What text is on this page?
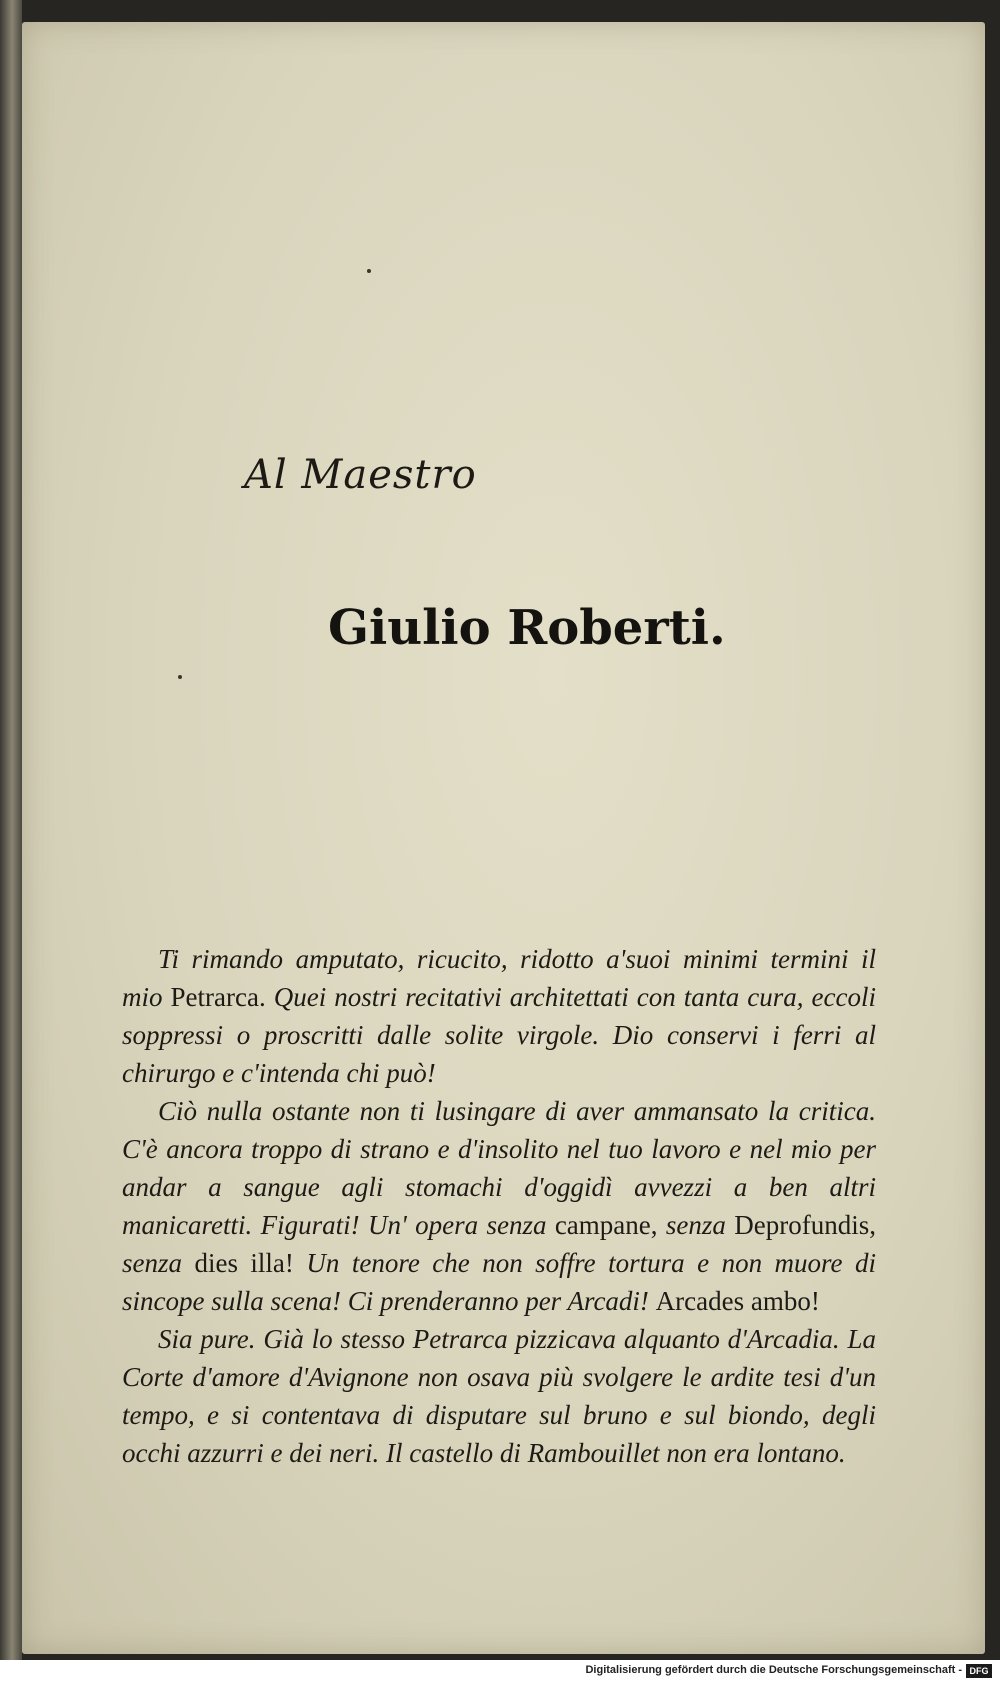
Al Maestro
Giulio Roberti.

Ti rimando amputato, ricucito, ridotto a'suoi minimi termini il mio Petrarca. Quei nostri recitativi architettati con tanta cura, eccoli soppressi o proscritti dalle solite virgole. Dio conservi i ferri al chirurgo e c'intenda chi può!

Ciò nulla ostante non ti lusingare di aver ammansato la critica. C'è ancora troppo di strano e d'insolito nel tuo lavoro e nel mio per andar a sangue agli stomachi d'oggidì avvezzi a ben altri manicaretti. Figurati! Un' opera senza campane, senza Deprofundis, senza dies illa! Un tenore che non soffre tortura e non muore di sincope sulla scena! Ci prenderanno per Arcadi! Arcades ambo!

Sia pure. Già lo stesso Petrarca pizzicava alquanto d'Arcadia. La Corte d'amore d'Avignone non osava più svolgere le ardite tesi d'un tempo, e si contentava di disputare sul bruno e sul biondo, degli occhi azzurri e dei neri. Il castello di Rambouillet non era lontano.

Digitalisierung gefördert durch die Deutsche Forschungsgemeinschaft - DFG
